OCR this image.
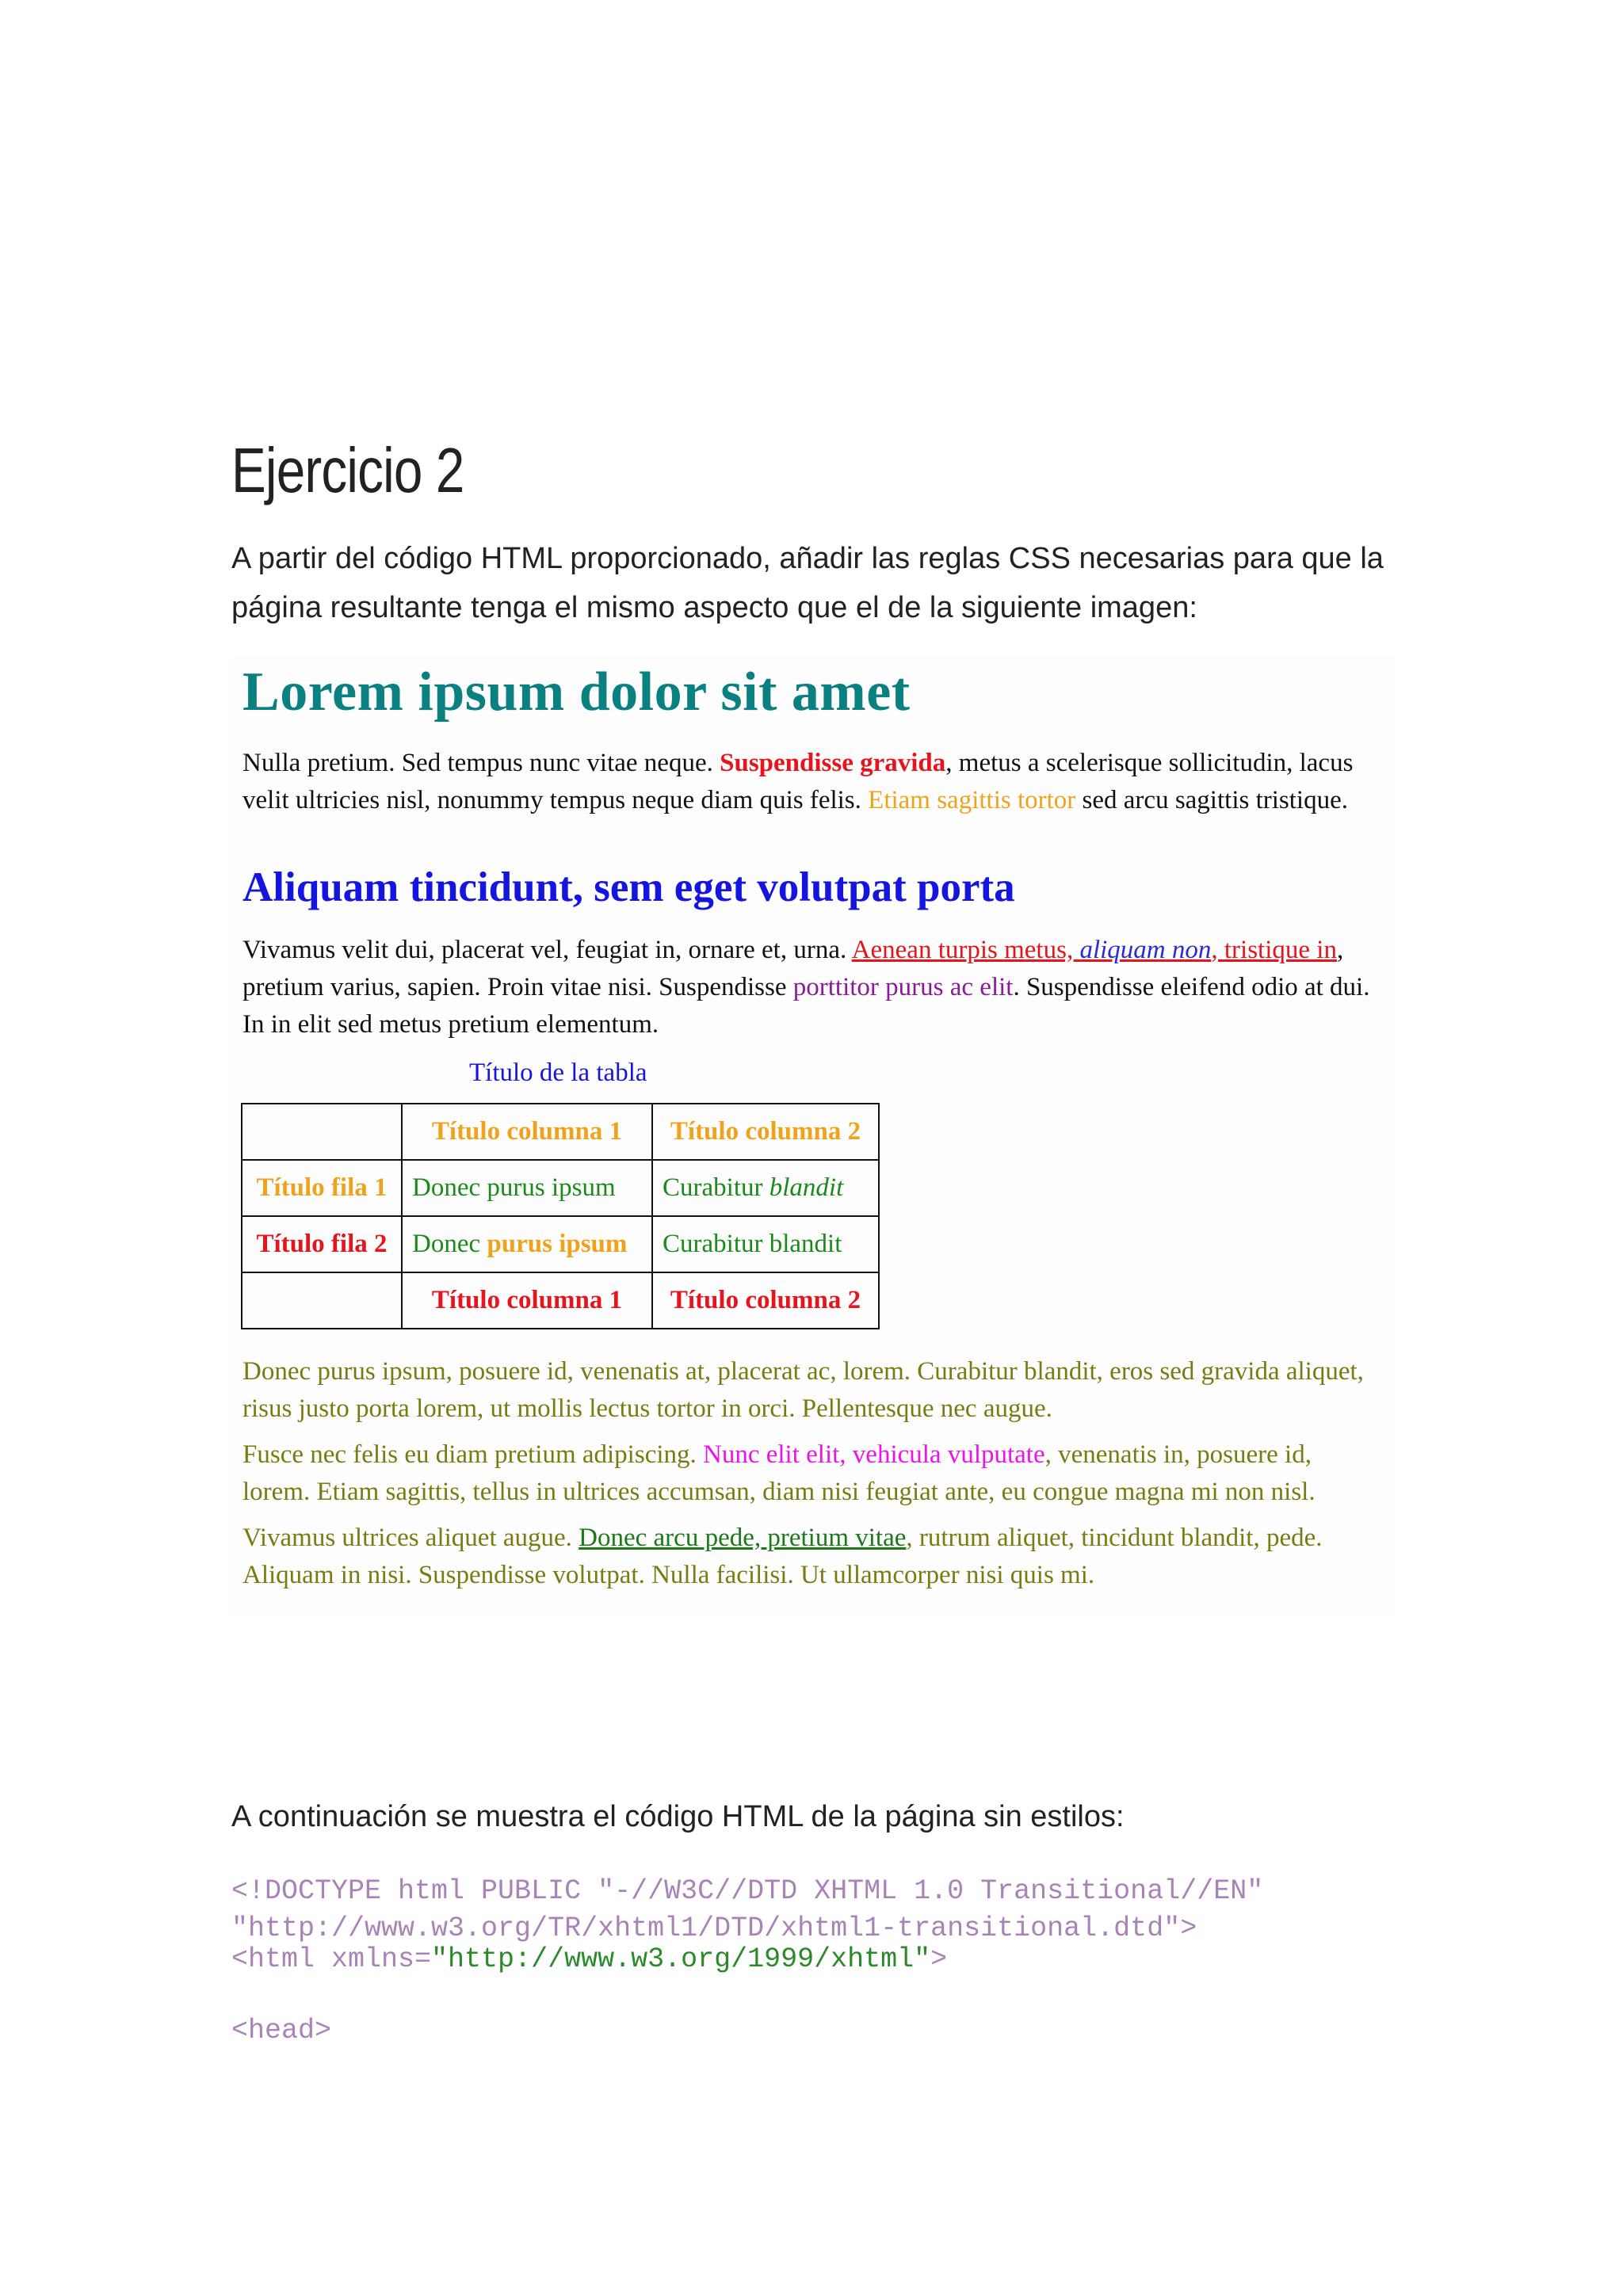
Ejercicio 2

A partir del código HTML proporcionado, añadir las reglas CSS necesarias para que la página resultante tenga el mismo aspecto que el de la siguiente imagen:

Lorem ipsum dolor sit amet

Nulla pretium. Sed tempus nunc vitae neque. Suspendisse gravida, metus a scelerisque sollicitudin, lacus velit ultricies nisl, nonummy tempus neque diam quis felis. Etiam sagittis tortor sed arcu sagittis tristique.

Aliquam tincidunt, sem eget volutpat porta

Vivamus velit dui, placerat vel, feugiat in, ornare et, urna. Aenean turpis metus, aliquam non, tristique in, pretium varius, sapien. Proin vitae nisi. Suspendisse porttitor purus ac elit. Suspendisse eleifend odio at dui. In in elit sed metus pretium elementum.

Título de la tabla
	Título columna 1	Título columna 2
Título fila 1	Donec purus ipsum	Curabitur blandit
Título fila 2	Donec purus ipsum	Curabitur blandit
	Título columna 1	Título columna 2

Donec purus ipsum, posuere id, venenatis at, placerat ac, lorem. Curabitur blandit, eros sed gravida aliquet, risus justo porta lorem, ut mollis lectus tortor in orci. Pellentesque nec augue.

Fusce nec felis eu diam pretium adipiscing. Nunc elit elit, vehicula vulputate, venenatis in, posuere id, lorem. Etiam sagittis, tellus in ultrices accumsan, diam nisi feugiat ante, eu congue magna mi non nisl.

Vivamus ultrices aliquet augue. Donec arcu pede, pretium vitae, rutrum aliquet, tincidunt blandit, pede. Aliquam in nisi. Suspendisse volutpat. Nulla facilisi. Ut ullamcorper nisi quis mi.

A continuación se muestra el código HTML de la página sin estilos:

<!DOCTYPE html PUBLIC "-//W3C//DTD XHTML 1.0 Transitional//EN"
"http://www.w3.org/TR/xhtml1/DTD/xhtml1-transitional.dtd">
<html xmlns="http://www.w3.org/1999/xhtml">
<head>
